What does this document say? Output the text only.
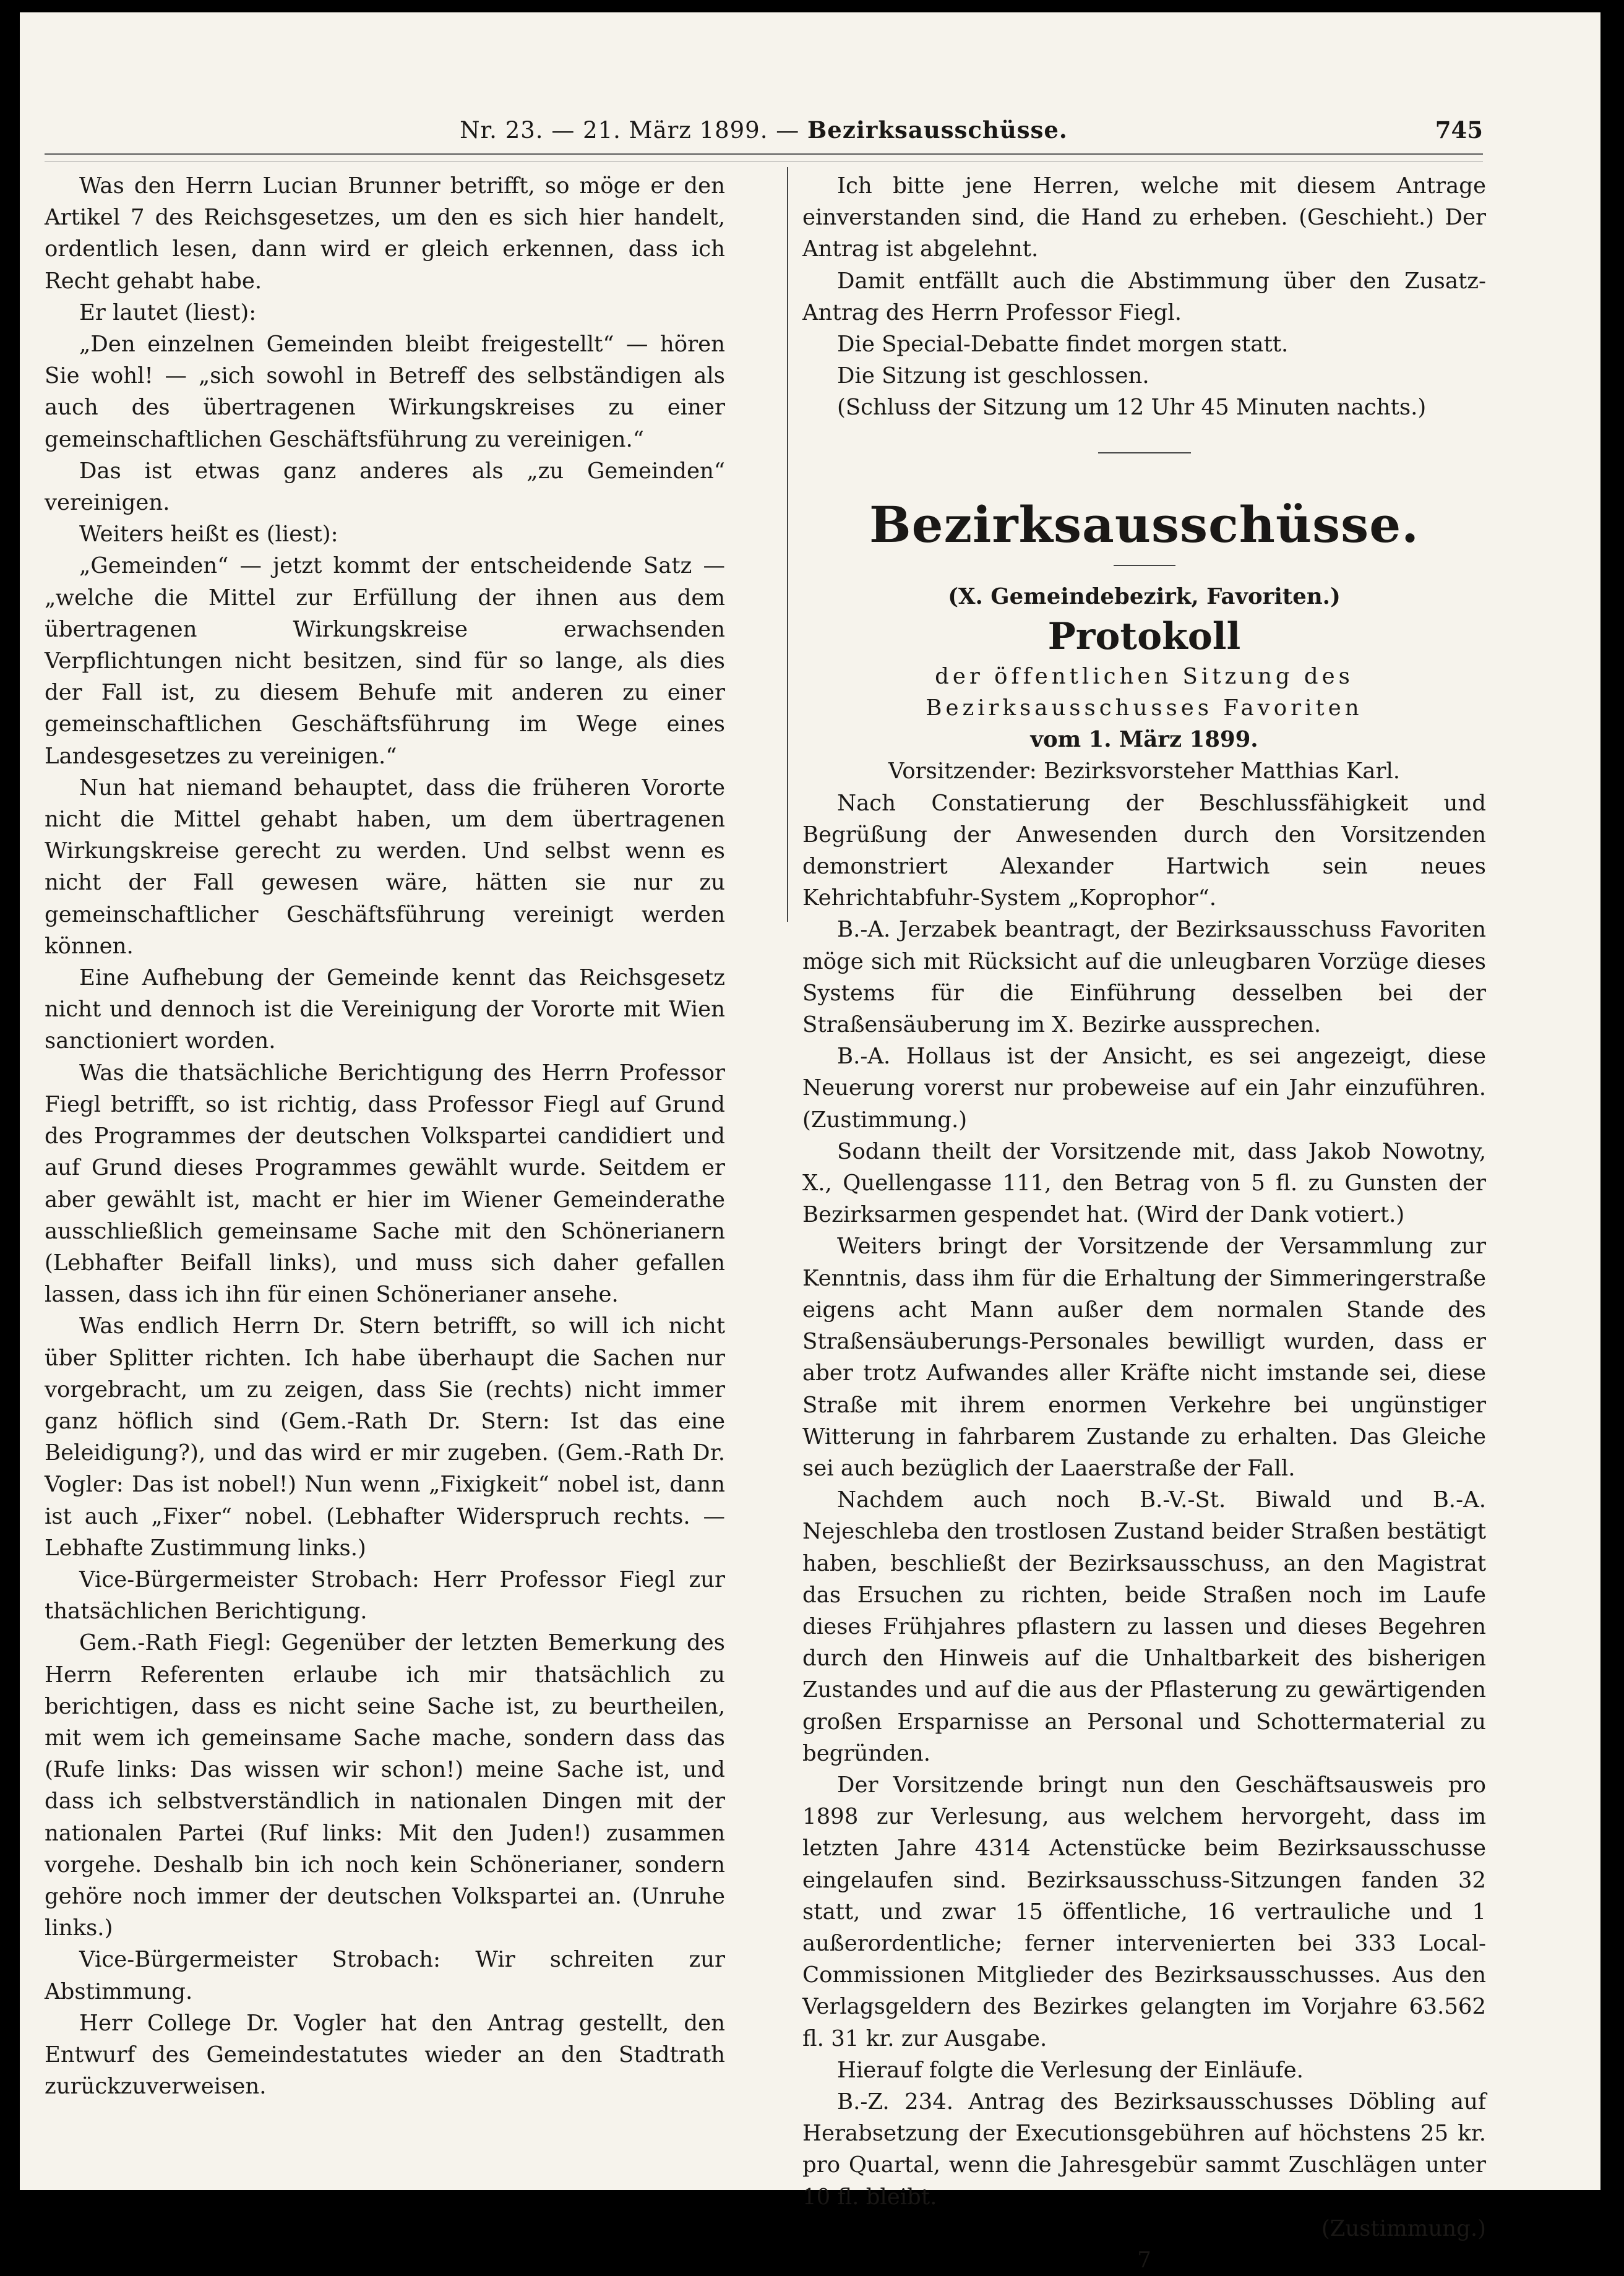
Nr. 23. — 21. März 1899. — Bezirksausschüsse.	745

Was den Herrn Lucian Brunner betrifft, so möge er den Artikel 7 des Reichsgesetzes, um den es sich hier handelt, ordentlich lesen, dann wird er gleich erkennen, dass ich Recht gehabt habe.

Er lautet (liest):

„Den einzelnen Gemeinden bleibt freigestellt“ — hören Sie wohl! — „sich sowohl in Betreff des selbständigen als auch des übertragenen Wirkungskreises zu einer gemeinschaftlichen Geschäftsführung zu vereinigen.“

Das ist etwas ganz anderes als „zu Gemeinden“ vereinigen.

Weiters heißt es (liest):

„Gemeinden“ — jetzt kommt der entscheidende Satz — „welche die Mittel zur Erfüllung der ihnen aus dem übertragenen Wirkungskreise erwachsenden Verpflichtungen nicht besitzen, sind für so lange, als dies der Fall ist, zu diesem Behufe mit anderen zu einer gemeinschaftlichen Geschäftsführung im Wege eines Landesgesetzes zu vereinigen.“

Nun hat niemand behauptet, dass die früheren Vororte nicht die Mittel gehabt haben, um dem übertragenen Wirkungskreise gerecht zu werden. Und selbst wenn es nicht der Fall gewesen wäre, hätten sie nur zu gemeinschaftlicher Geschäftsführung vereinigt werden können.

Eine Aufhebung der Gemeinde kennt das Reichsgesetz nicht und dennoch ist die Vereinigung der Vororte mit Wien sanctioniert worden.

Was die thatsächliche Berichtigung des Herrn Professor Fiegl betrifft, so ist richtig, dass Professor Fiegl auf Grund des Programmes der deutschen Volkspartei candidiert und auf Grund dieses Programmes gewählt wurde. Seitdem er aber gewählt ist, macht er hier im Wiener Gemeinderathe ausschließlich gemeinsame Sache mit den Schönerianern (Lebhafter Beifall links), und muss sich daher gefallen lassen, dass ich ihn für einen Schönerianer ansehe.

Was endlich Herrn Dr. Stern betrifft, so will ich nicht über Splitter richten. Ich habe überhaupt die Sachen nur vorgebracht, um zu zeigen, dass Sie (rechts) nicht immer ganz höflich sind (Gem.-Rath Dr. Stern: Ist das eine Beleidigung?), und das wird er mir zugeben. (Gem.-Rath Dr. Vogler: Das ist nobel!) Nun wenn „Fixigkeit“ nobel ist, dann ist auch „Fixer“ nobel. (Lebhafter Widerspruch rechts. — Lebhafte Zustimmung links.)

Vice-Bürgermeister Strobach: Herr Professor Fiegl zur thatsächlichen Berichtigung.

Gem.-Rath Fiegl: Gegenüber der letzten Bemerkung des Herrn Referenten erlaube ich mir thatsächlich zu berichtigen, dass es nicht seine Sache ist, zu beurtheilen, mit wem ich gemeinsame Sache mache, sondern dass das (Rufe links: Das wissen wir schon!) meine Sache ist, und dass ich selbstverständlich in nationalen Dingen mit der nationalen Partei (Ruf links: Mit den Juden!) zusammen vorgehe. Deshalb bin ich noch kein Schönerianer, sondern gehöre noch immer der deutschen Volkspartei an. (Unruhe links.)

Vice-Bürgermeister Strobach: Wir schreiten zur Abstimmung.

Herr College Dr. Vogler hat den Antrag gestellt, den Entwurf des Gemeindestatutes wieder an den Stadtrath zurückzuverweisen.

Ich bitte jene Herren, welche mit diesem Antrage einverstanden sind, die Hand zu erheben. (Geschieht.) Der Antrag ist abgelehnt.

Damit entfällt auch die Abstimmung über den Zusatz-Antrag des Herrn Professor Fiegl.

Die Special-Debatte findet morgen statt.

Die Sitzung ist geschlossen.

(Schluss der Sitzung um 12 Uhr 45 Minuten nachts.)

Bezirksausschüsse.

(X. Gemeindebezirk, Favoriten.)

Protokoll

der öffentlichen Sitzung des Bezirksausschusses Favoriten

vom 1. März 1899.

Vorsitzender: Bezirksvorsteher Matthias Karl.

Nach Constatierung der Beschlussfähigkeit und Begrüßung der Anwesenden durch den Vorsitzenden demonstriert Alexander Hartwich sein neues Kehrichtabfuhr-System „Koprophor“.

B.-A. Jerzabek beantragt, der Bezirksausschuss Favoriten möge sich mit Rücksicht auf die unleugbaren Vorzüge dieses Systems für die Einführung desselben bei der Straßensäuberung im X. Bezirke aussprechen.

B.-A. Hollaus ist der Ansicht, es sei angezeigt, diese Neuerung vorerst nur probeweise auf ein Jahr einzuführen. (Zustimmung.)

Sodann theilt der Vorsitzende mit, dass Jakob Nowotny, X., Quellengasse 111, den Betrag von 5 fl. zu Gunsten der Bezirksarmen gespendet hat. (Wird der Dank votiert.)

Weiters bringt der Vorsitzende der Versammlung zur Kenntnis, dass ihm für die Erhaltung der Simmeringerstraße eigens acht Mann außer dem normalen Stande des Straßensäuberungs-Personales bewilligt wurden, dass er aber trotz Aufwandes aller Kräfte nicht imstande sei, diese Straße mit ihrem enormen Verkehre bei ungünstiger Witterung in fahrbarem Zustande zu erhalten. Das Gleiche sei auch bezüglich der Laaerstraße der Fall.

Nachdem auch noch B.-V.-St. Biwald und B.-A. Nejeschleba den trostlosen Zustand beider Straßen bestätigt haben, beschließt der Bezirksausschuss, an den Magistrat das Ersuchen zu richten, beide Straßen noch im Laufe dieses Frühjahres pflastern zu lassen und dieses Begehren durch den Hinweis auf die Unhaltbarkeit des bisherigen Zustandes und auf die aus der Pflasterung zu gewärtigenden großen Ersparnisse an Personal und Schottermaterial zu begründen.

Der Vorsitzende bringt nun den Geschäftsausweis pro 1898 zur Verlesung, aus welchem hervorgeht, dass im letzten Jahre 4314 Actenstücke beim Bezirksausschusse eingelaufen sind. Bezirksausschuss-Sitzungen fanden 32 statt, und zwar 15 öffentliche, 16 vertrauliche und 1 außerordentliche; ferner intervenierten bei 333 Local-Commissionen Mitglieder des Bezirksausschusses. Aus den Verlagsgeldern des Bezirkes gelangten im Vorjahre 63.562 fl. 31 kr. zur Ausgabe.

Hierauf folgte die Verlesung der Einläufe.

B.-Z. 234. Antrag des Bezirksausschusses Döbling auf Herabsetzung der Executionsgebühren auf höchstens 25 kr. pro Quartal, wenn die Jahresgebür sammt Zuschlägen unter 10 fl. bleibt.

(Zustimmung.)

7
